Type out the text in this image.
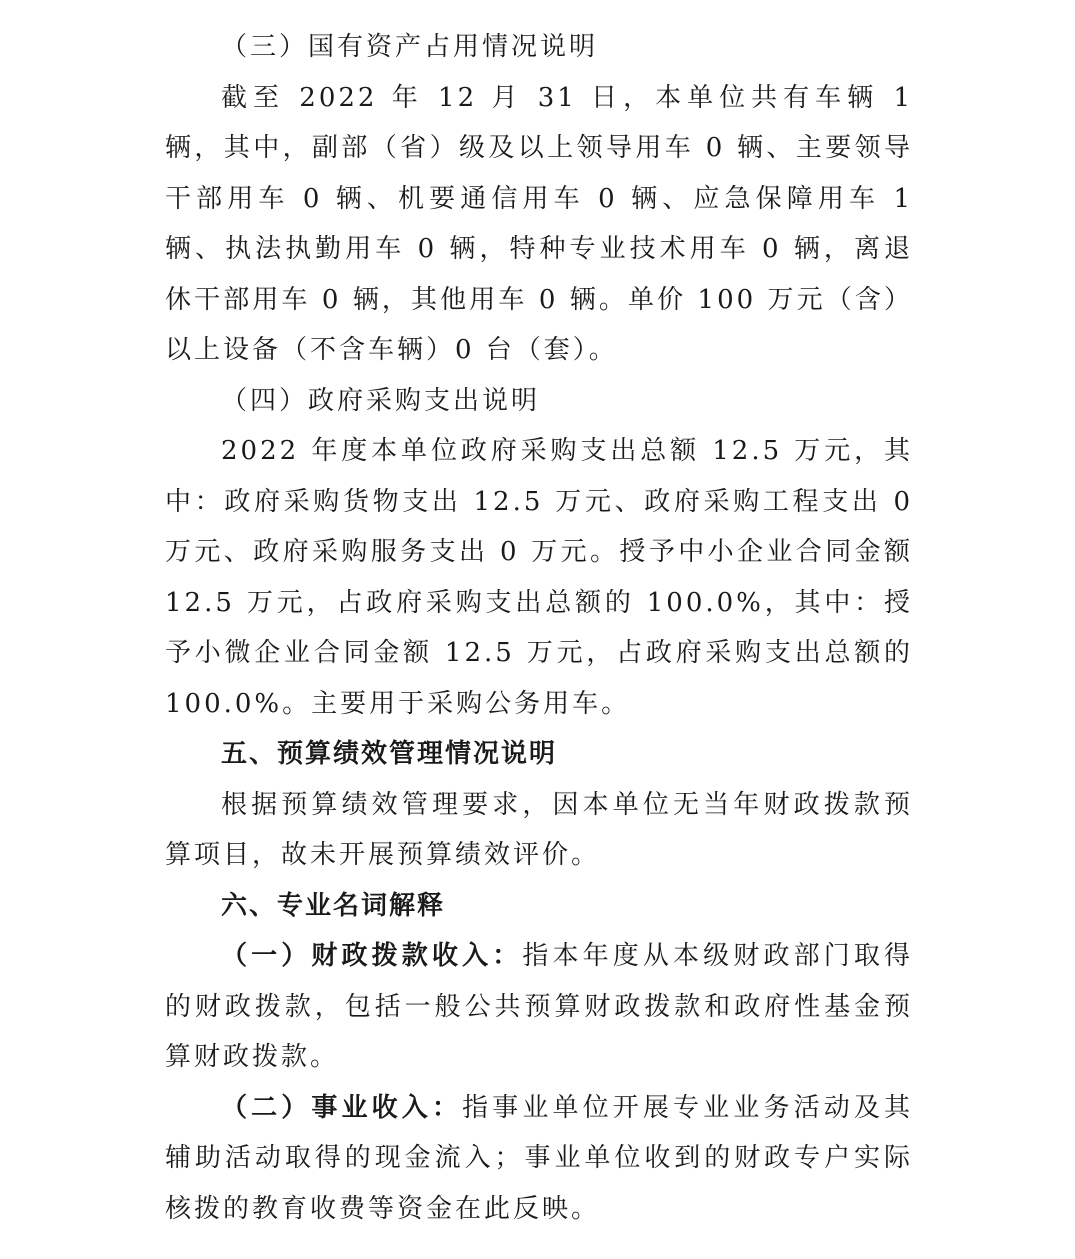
（三）国有资产占用情况说明

截至 2022 年 12 月 31 日，本单位共有车辆 1 辆，其中，副部（省）级及以上领导用车 0 辆、主要领导干部用车 0 辆、机要通信用车 0 辆、应急保障用车 1 辆、执法执勤用车 0 辆，特种专业技术用车 0 辆，离退休干部用车 0 辆，其他用车 0 辆。单价 100 万元（含）以上设备（不含车辆）0 台（套）。

（四）政府采购支出说明

2022 年度本单位政府采购支出总额 12.5 万元，其中：政府采购货物支出 12.5 万元、政府采购工程支出 0 万元、政府采购服务支出 0 万元。授予中小企业合同金额 12.5 万元，占政府采购支出总额的 100.0%，其中：授予小微企业合同金额 12.5 万元，占政府采购支出总额的 100.0%。主要用于采购公务用车。

五、预算绩效管理情况说明

根据预算绩效管理要求，因本单位无当年财政拨款预算项目，故未开展预算绩效评价。

六、专业名词解释

（一）财政拨款收入：指本年度从本级财政部门取得的财政拨款，包括一般公共预算财政拨款和政府性基金预算财政拨款。

（二）事业收入：指事业单位开展专业业务活动及其辅助活动取得的现金流入；事业单位收到的财政专户实际核拨的教育收费等资金在此反映。
